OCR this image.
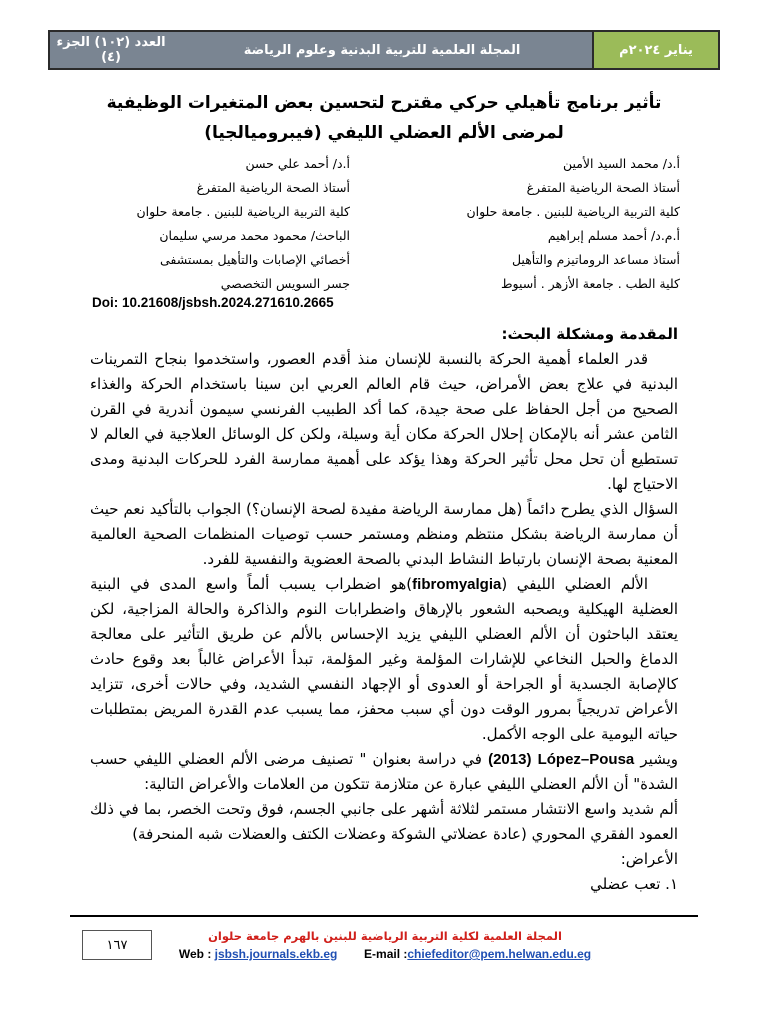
العدد (١٠٢) الجزء (٤)	المجلة العلمية للتربية البدنية وعلوم الرياضة	يناير ٢٠٢٤م
تأثير برنامج تأهيلي حركي مقترح لتحسين بعض المتغيرات الوظيفية
لمرضى الألم العضلي الليفي (فيبروميالجيا)
أ.د/ محمد السيد الأمين
أ.د/ أحمد علي حسن
أستاذ الصحة الرياضية المتفرغ
أستاذ الصحة الرياضية المتفرغ
كلية التربية الرياضية للبنين . جامعة حلوان
كلية التربية الرياضية للبنين . جامعة حلوان
أ.م.د/ أحمد مسلم إبراهيم
الباحث/ محمود محمد مرسي سليمان
أستاذ مساعد الروماتيزم والتأهيل
أخصائي الإصابات والتأهيل بمستشفى
كلية الطب . جامعة الأزهر . أسيوط
جسر السويس التخصصي
Doi: 10.21608/jsbsh.2024.271610.2665

المقدمة ومشكلة البحث:

قدر العلماء أهمية الحركة بالنسبة للإنسان منذ أقدم العصور، واستخدموا بنجاح التمرينات البدنية في علاج بعض الأمراض، حيث قام العالم العربي ابن سينا باستخدام الحركة والغذاء الصحيح من أجل الحفاظ على صحة جيدة، كما أكد الطبيب الفرنسي سيمون أندرية في القرن الثامن عشر أنه بالإمكان إحلال الحركة مكان أية وسيلة، ولكن كل الوسائل العلاجية في العالم لا تستطيع أن تحل محل تأثير الحركة وهذا يؤكد على أهمية ممارسة الفرد للحركات البدنية ومدى الاحتياج لها.

السؤال الذي يطرح دائماً (هل ممارسة الرياضة مفيدة لصحة الإنسان؟) الجواب بالتأكيد نعم حيث أن ممارسة الرياضة بشكل منتظم ومنظم ومستمر حسب توصيات المنظمات الصحية العالمية المعنية بصحة الإنسان بارتباط النشاط البدني بالصحة العضوية والنفسية للفرد.

الألم العضلي الليفي (fibromyalgia)هو اضطراب يسبب ألماً واسع المدى في البنية العضلية الهيكلية ويصحبه الشعور بالإرهاق واضطرابات النوم والذاكرة والحالة المزاجية، لكن يعتقد الباحثون أن الألم العضلي الليفي يزيد الإحساس بالألم عن طريق التأثير على معالجة الدماغ والحبل النخاعي للإشارات المؤلمة وغير المؤلمة، تبدأ الأعراض غالباً بعد وقوع حادث كالإصابة الجسدية أو الجراحة أو العدوى أو الإجهاد النفسي الشديد، وفي حالات أخرى، تتزايد الأعراض تدريجياً بمرور الوقت دون أي سبب محفز، مما يسبب عدم القدرة المريض بمتطلبات حياته اليومية على الوجه الأكمل.

ويشير López–Pousa (2013) في دراسة بعنوان " تصنيف مرضى الألم العضلي الليفي حسب الشدة" أن الألم العضلي الليفي عبارة عن متلازمة تتكون من العلامات والأعراض التالية:

ألم شديد واسع الانتشار مستمر لثلاثة أشهر على جانبي الجسم، فوق وتحت الخصر، بما في ذلك العمود الفقري المحوري (عادة عضلاتي الشوكة وعضلات الكتف والعضلات شبه المنحرفة)

الأعراض:

١. تعب عضلي

١٦٧
المجلة العلمية لكلية التربية الرياضية للبنين بالهرم جامعة حلوان
Web : jsbsh.journals.ekb.eg E-mail :chiefeditor@pem.helwan.edu.eg
